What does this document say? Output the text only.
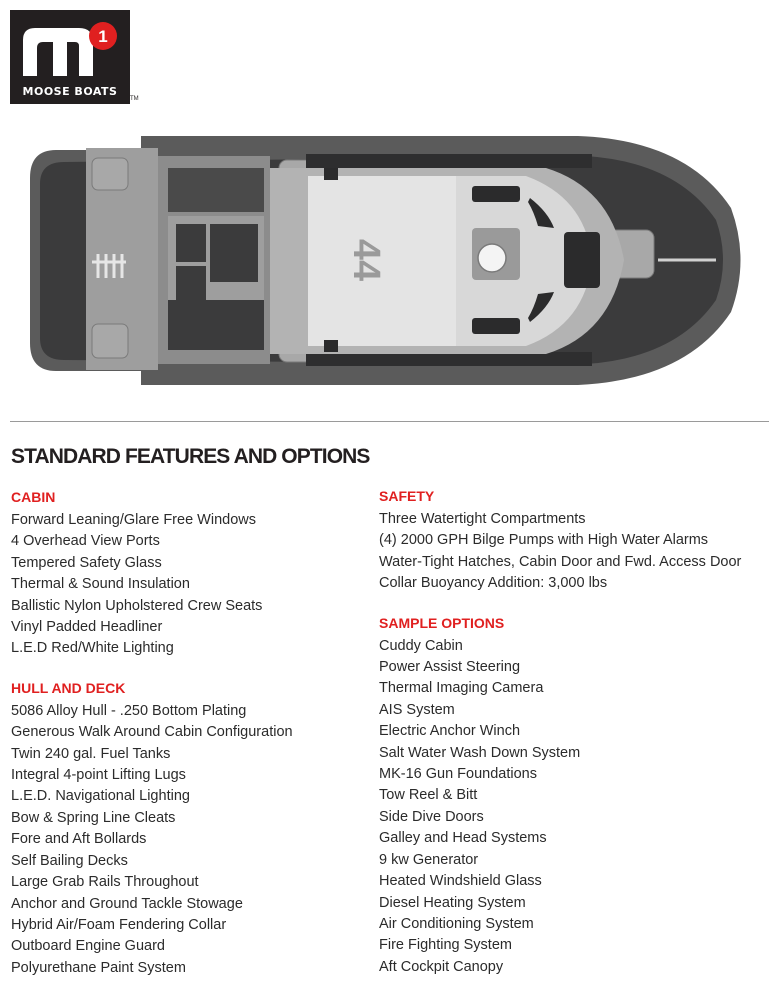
1
MOOSE BOATS
TM
44
STANDARD FEATURES AND OPTIONS
CABIN
Forward Leaning/Glare Free Windows
4 Overhead View Ports
Tempered Safety Glass
Thermal & Sound Insulation
Ballistic Nylon Upholstered Crew Seats
Vinyl Padded Headliner
L.E.D Red/White Lighting
HULL AND DECK
5086 Alloy Hull - .250 Bottom Plating
Generous Walk Around Cabin Configuration
Twin 240 gal. Fuel Tanks
Integral 4-point Lifting Lugs
L.E.D. Navigational Lighting
Bow & Spring Line Cleats
Fore and Aft Bollards
Self Bailing Decks
Large Grab Rails Throughout
Anchor and Ground Tackle Stowage
Hybrid Air/Foam Fendering Collar
Outboard Engine Guard
Polyurethane Paint System
SAFETY
Three Watertight Compartments
(4) 2000 GPH Bilge Pumps with High Water Alarms
Water-Tight Hatches, Cabin Door and Fwd. Access Door
Collar Buoyancy Addition: 3,000 lbs
SAMPLE OPTIONS
Cuddy Cabin
Power Assist Steering
Thermal Imaging Camera
AIS System
Electric Anchor Winch
Salt Water Wash Down System
MK-16 Gun Foundations
Tow Reel & Bitt
Side Dive Doors
Galley and Head Systems
9 kw Generator
Heated Windshield Glass
Diesel Heating System
Air Conditioning System
Fire Fighting System
Aft Cockpit Canopy
